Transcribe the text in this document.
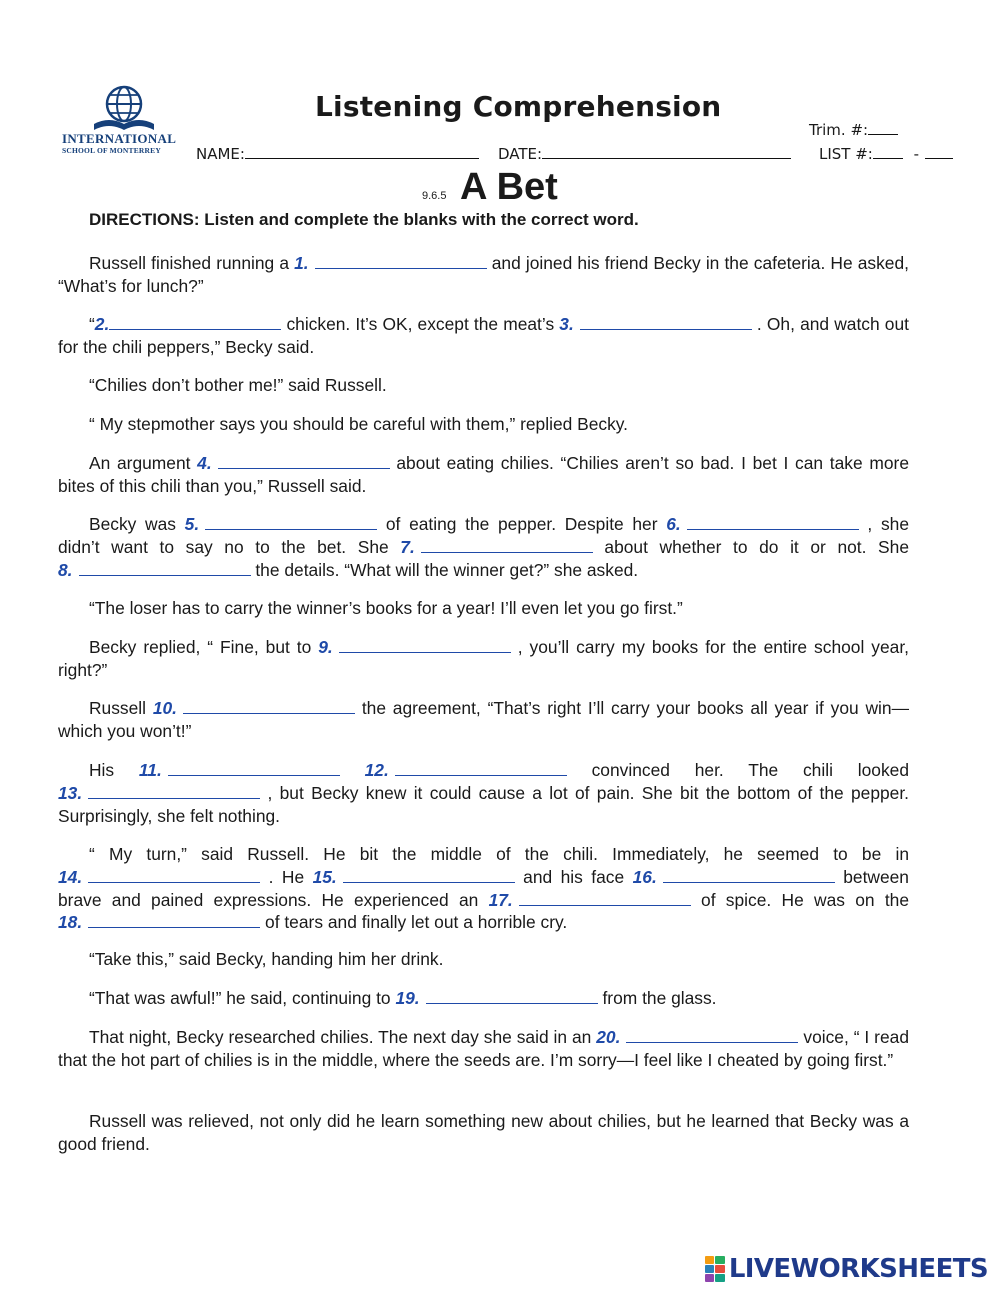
INTERNATIONAL
SCHOOL OF MONTERREY
Listening Comprehension
Trim. #:
NAME:	DATE:	LIST #:	-
9.6.5 A Bet
DIRECTIONS: Listen and complete the blanks with the correct word.

Russell finished running a 1.	and joined his friend Becky in the cafeteria. He asked, “What’s for lunch?”

“2.	chicken. It’s OK, except the meat’s 3.	. Oh, and watch out for the chili peppers,” Becky said.

“Chilies don’t bother me!” said Russell.

“ My stepmother says you should be careful with them,” replied Becky.

An argument 4.	about eating chilies. “Chilies aren’t so bad. I bet I can take more bites of this chili than you,” Russell said.

Becky was 5.	of eating the pepper. Despite her 6.	, she didn’t want to say no to the bet. She 7.	about whether to do it or not. She 8.	the details. “What will the winner get?” she asked.

“The loser has to carry the winner’s books for a year! I’ll even let you go first.”

Becky replied, “ Fine, but to 9.	, you’ll carry my books for the entire school year, right?”

Russell 10.	the agreement, “That’s right I’ll carry your books all year if you win—which you won’t!”

His 11.	12.	convinced her. The chili looked 13.	, but Becky knew it could cause a lot of pain. She bit the bottom of the pepper. Surprisingly, she felt nothing.

“ My turn,” said Russell. He bit the middle of the chili. Immediately, he seemed to be in 14.	. He 15.	and his face 16.	between brave and pained expressions. He experienced an 17.	of spice. He was on the 18.	of tears and finally let out a horrible cry.

“Take this,” said Becky, handing him her drink.

“That was awful!” he said, continuing to 19.	from the glass.

That night, Becky researched chilies. The next day she said in an 20.	voice, “ I read that the hot part of chilies is in the middle, where the seeds are. I’m sorry—I feel like I cheated by going first.”

Russell was relieved, not only did he learn something new about chilies, but he learned that Becky was a good friend.

LIVEWORKSHEETS
